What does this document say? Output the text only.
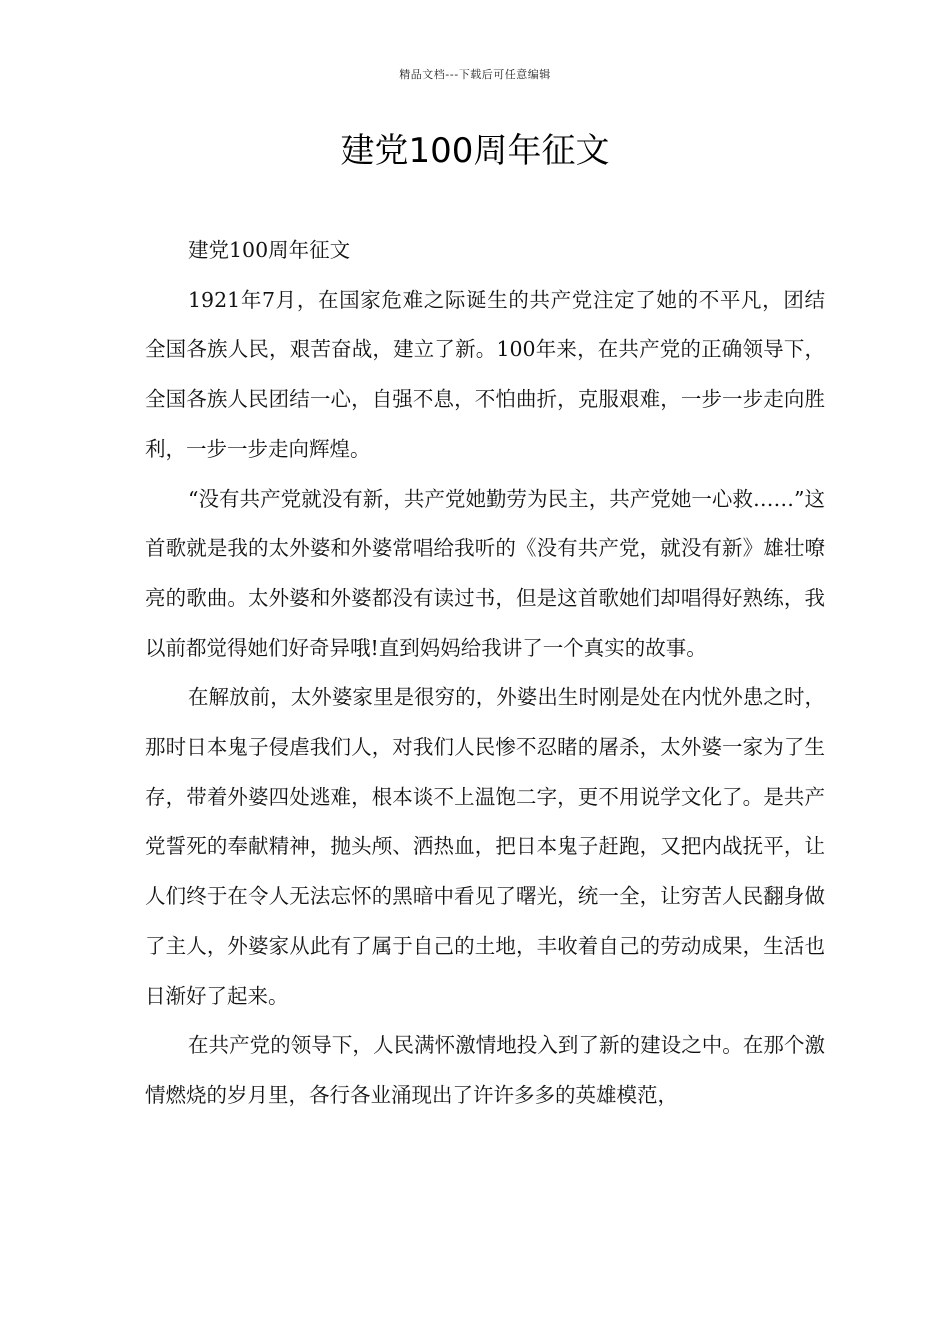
精品文档---下载后可任意编辑
建党100周年征文

建党100周年征文

1921年7月，在国家危难之际诞生的共产党注定了她的不平凡，团结全国各族人民，艰苦奋战，建立了新。100年来，在共产党的正确领导下，全国各族人民团结一心，自强不息，不怕曲折，克服艰难，一步一步走向胜利，一步一步走向辉煌。

“没有共产党就没有新，共产党她勤劳为民主，共产党她一心救……”这首歌就是我的太外婆和外婆常唱给我听的《没有共产党，就没有新》雄壮嘹亮的歌曲。太外婆和外婆都没有读过书，但是这首歌她们却唱得好熟练，我以前都觉得她们好奇异哦!直到妈妈给我讲了一个真实的故事。

在解放前，太外婆家里是很穷的，外婆出生时刚是处在内忧外患之时，那时日本鬼子侵虐我们人，对我们人民惨不忍睹的屠杀，太外婆一家为了生存，带着外婆四处逃难，根本谈不上温饱二字，更不用说学文化了。是共产党誓死的奉献精神，抛头颅、洒热血，把日本鬼子赶跑，又把内战抚平，让人们终于在令人无法忘怀的黑暗中看见了曙光，统一全，让穷苦人民翻身做了主人，外婆家从此有了属于自己的土地，丰收着自己的劳动成果，生活也日渐好了起来。

在共产党的领导下，人民满怀激情地投入到了新的建设之中。在那个激情燃烧的岁月里，各行各业涌现出了许许多多的英雄模范，
